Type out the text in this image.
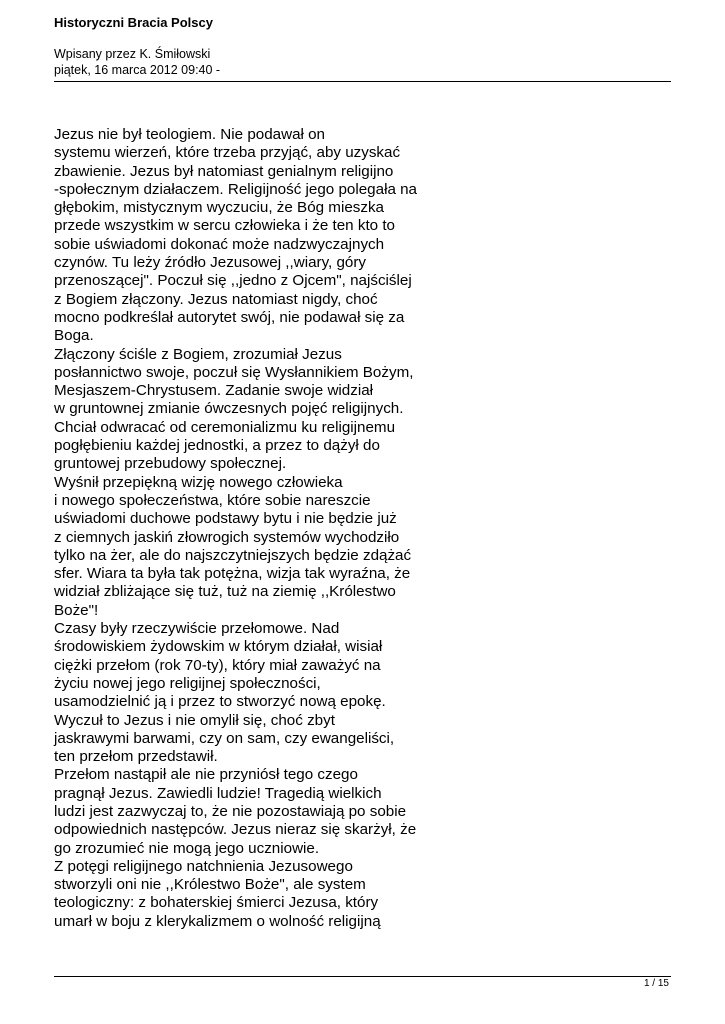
Historyczni Bracia Polscy
Wpisany przez K. Śmiłowski
piątek, 16 marca 2012 09:40 -
Jezus nie był teologiem. Nie podawał on
systemu wierzeń, które trzeba przyjąć, aby uzyskać
zbawienie. Jezus był natomiast genialnym religijno
-społecznym działaczem. Religijność jego polegała na
głębokim, mistycznym wyczuciu, że Bóg mieszka
przede wszystkim w sercu człowieka i że ten kto to
sobie uświadomi dokonać może nadzwyczajnych
czynów. Tu leży źródło Jezusowej ,,wiary, góry
przenoszącej". Poczuł się ,,jedno z Ojcem", najściślej
z Bogiem złączony. Jezus natomiast nigdy, choć
mocno podkreślał autorytet swój, nie podawał się za
Boga.
Złączony ściśle z Bogiem, zrozumiał Jezus
posłannictwo swoje, poczuł się Wysłannikiem Bożym,
Mesjaszem-Chrystusem. Zadanie swoje widział
w gruntownej zmianie ówczesnych pojęć religijnych.
Chciał odwracać od ceremonializmu ku religijnemu
pogłębieniu każdej jednostki, a przez to dążył do
gruntowej przebudowy społecznej.
Wyśnił przepiękną wizję nowego człowieka
i nowego społeczeństwa, które sobie nareszcie
uświadomi duchowe podstawy bytu i nie będzie już
z ciemnych jaskiń złowrogich systemów wychodziło
tylko na żer, ale do najszczytniejszych będzie zdążać
sfer. Wiara ta była tak potężna, wizja tak wyraźna, że
widział zbliżające się tuż, tuż na ziemię ,,Królestwo
Boże"!
Czasy były rzeczywiście przełomowe. Nad
środowiskiem żydowskim w którym działał, wisiał
ciężki przełom (rok 70-ty), który miał zaważyć na
życiu nowej jego religijnej społeczności,
usamodzielnić ją i przez to stworzyć nową epokę.
Wyczuł to Jezus i nie omylił się, choć zbyt
jaskrawymi barwami, czy on sam, czy ewangeliści,
ten przełom przedstawił.
Przełom nastąpił ale nie przyniósł tego czego
pragnął Jezus. Zawiedli ludzie! Tragedią wielkich
ludzi jest zazwyczaj to, że nie pozostawiają po sobie
odpowiednich następców. Jezus nieraz się skarżył, że
go zrozumieć nie mogą jego uczniowie.
Z potęgi religijnego natchnienia Jezusowego
stworzyli oni nie ,,Królestwo Boże", ale system
teologiczny: z bohaterskiej śmierci Jezusa, który
umarł w boju z klerykalizmem o wolność religijną
1 / 15
